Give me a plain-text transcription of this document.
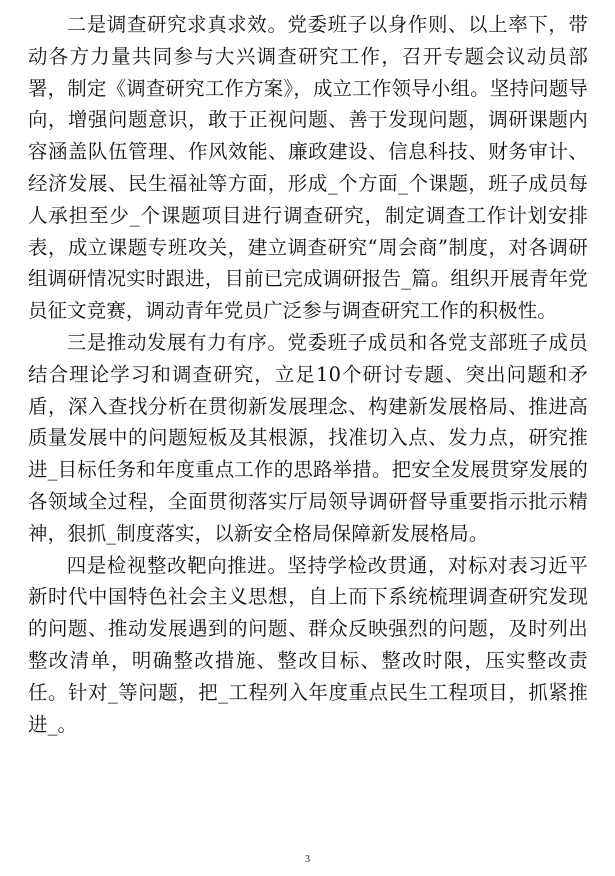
二是调查研究求真求效。党委班子以身作则、以上率下，带动各方力量共同参与大兴调查研究工作，召开专题会议动员部署，制定《调查研究工作方案》，成立工作领导小组。坚持问题导向，增强问题意识，敢于正视问题、善于发现问题，调研课题内容涵盖队伍管理、作风效能、廉政建设、信息科技、财务审计、经济发展、民生福祉等方面，形成_个方面_个课题，班子成员每人承担至少_个课题项目进行调查研究，制定调查工作计划安排表，成立课题专班攻关，建立调查研究“周会商”制度，对各调研组调研情况实时跟进，目前已完成调研报告_篇。组织开展青年党员征文竞赛，调动青年党员广泛参与调查研究工作的积极性。

三是推动发展有力有序。党委班子成员和各党支部班子成员结合理论学习和调查研究，立足10个研讨专题、突出问题和矛盾，深入查找分析在贯彻新发展理念、构建新发展格局、推进高质量发展中的问题短板及其根源，找准切入点、发力点，研究推进_目标任务和年度重点工作的思路举措。把安全发展贯穿发展的各领域全过程，全面贯彻落实厅局领导调研督导重要指示批示精神，狠抓_制度落实，以新安全格局保障新发展格局。

四是检视整改靶向推进。坚持学检改贯通，对标对表习近平新时代中国特色社会主义思想，自上而下系统梳理调查研究发现的问题、推动发展遇到的问题、群众反映强烈的问题，及时列出整改清单，明确整改措施、整改目标、整改时限，压实整改责任。针对_等问题，把_工程列入年度重点民生工程项目，抓紧推进_。

3
